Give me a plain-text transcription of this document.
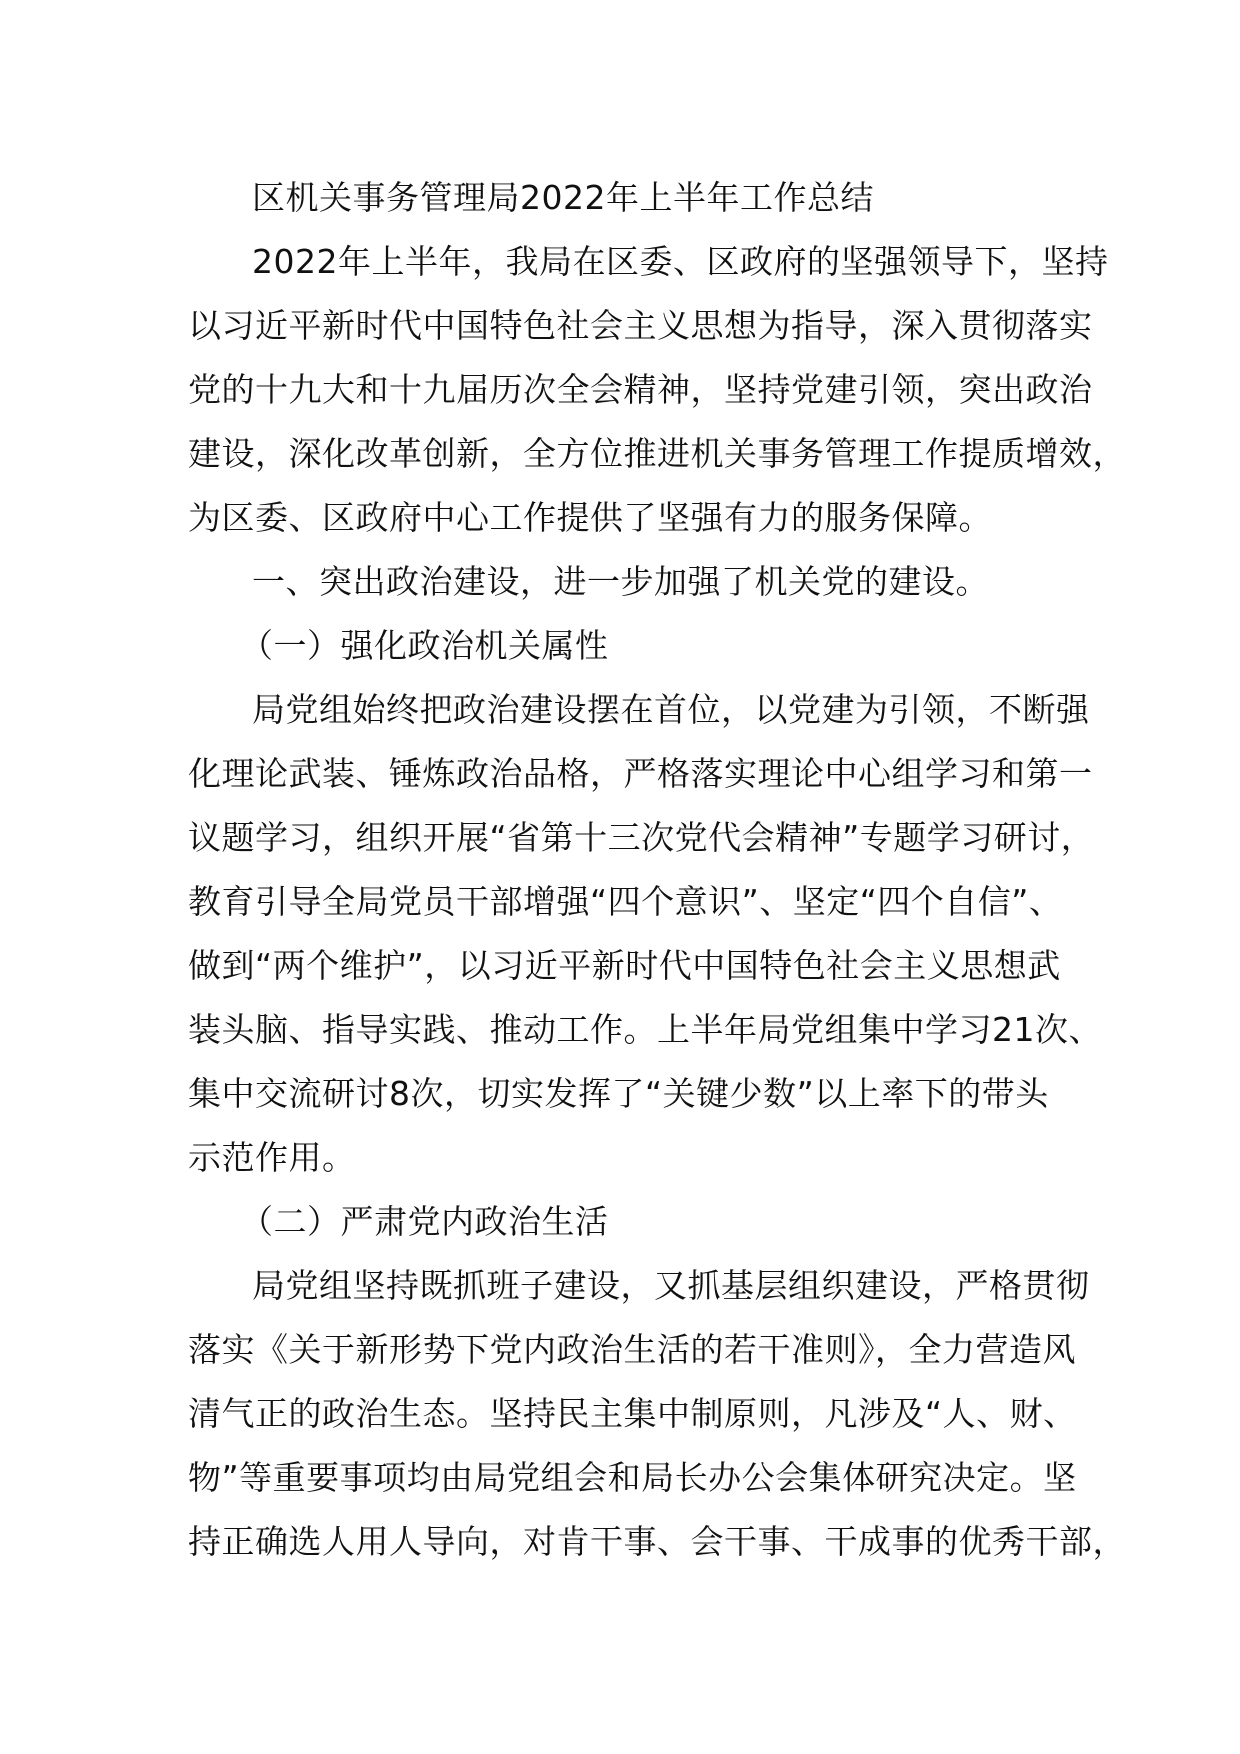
区机关事务管理局2022年上半年工作总结
2022年上半年，我局在区委、区政府的坚强领导下，坚持
以习近平新时代中国特色社会主义思想为指导，深入贯彻落实
党的十九大和十九届历次全会精神，坚持党建引领，突出政治
建设，深化改革创新，全方位推进机关事务管理工作提质增效，
为区委、区政府中心工作提供了坚强有力的服务保障。
一、突出政治建设，进一步加强了机关党的建设。
（一）强化政治机关属性
局党组始终把政治建设摆在首位，以党建为引领，不断强
化理论武装、锤炼政治品格，严格落实理论中心组学习和第一
议题学习，组织开展“省第十三次党代会精神”专题学习研讨，
教育引导全局党员干部增强“四个意识”、坚定“四个自信”、
做到“两个维护”，以习近平新时代中国特色社会主义思想武
装头脑、指导实践、推动工作。上半年局党组集中学习21次、
集中交流研讨8次，切实发挥了“关键少数”以上率下的带头
示范作用。
（二）严肃党内政治生活
局党组坚持既抓班子建设，又抓基层组织建设，严格贯彻
落实《关于新形势下党内政治生活的若干准则》，全力营造风
清气正的政治生态。坚持民主集中制原则，凡涉及“人、财、
物”等重要事项均由局党组会和局长办公会集体研究决定。坚
持正确选人用人导向，对肯干事、会干事、干成事的优秀干部，
